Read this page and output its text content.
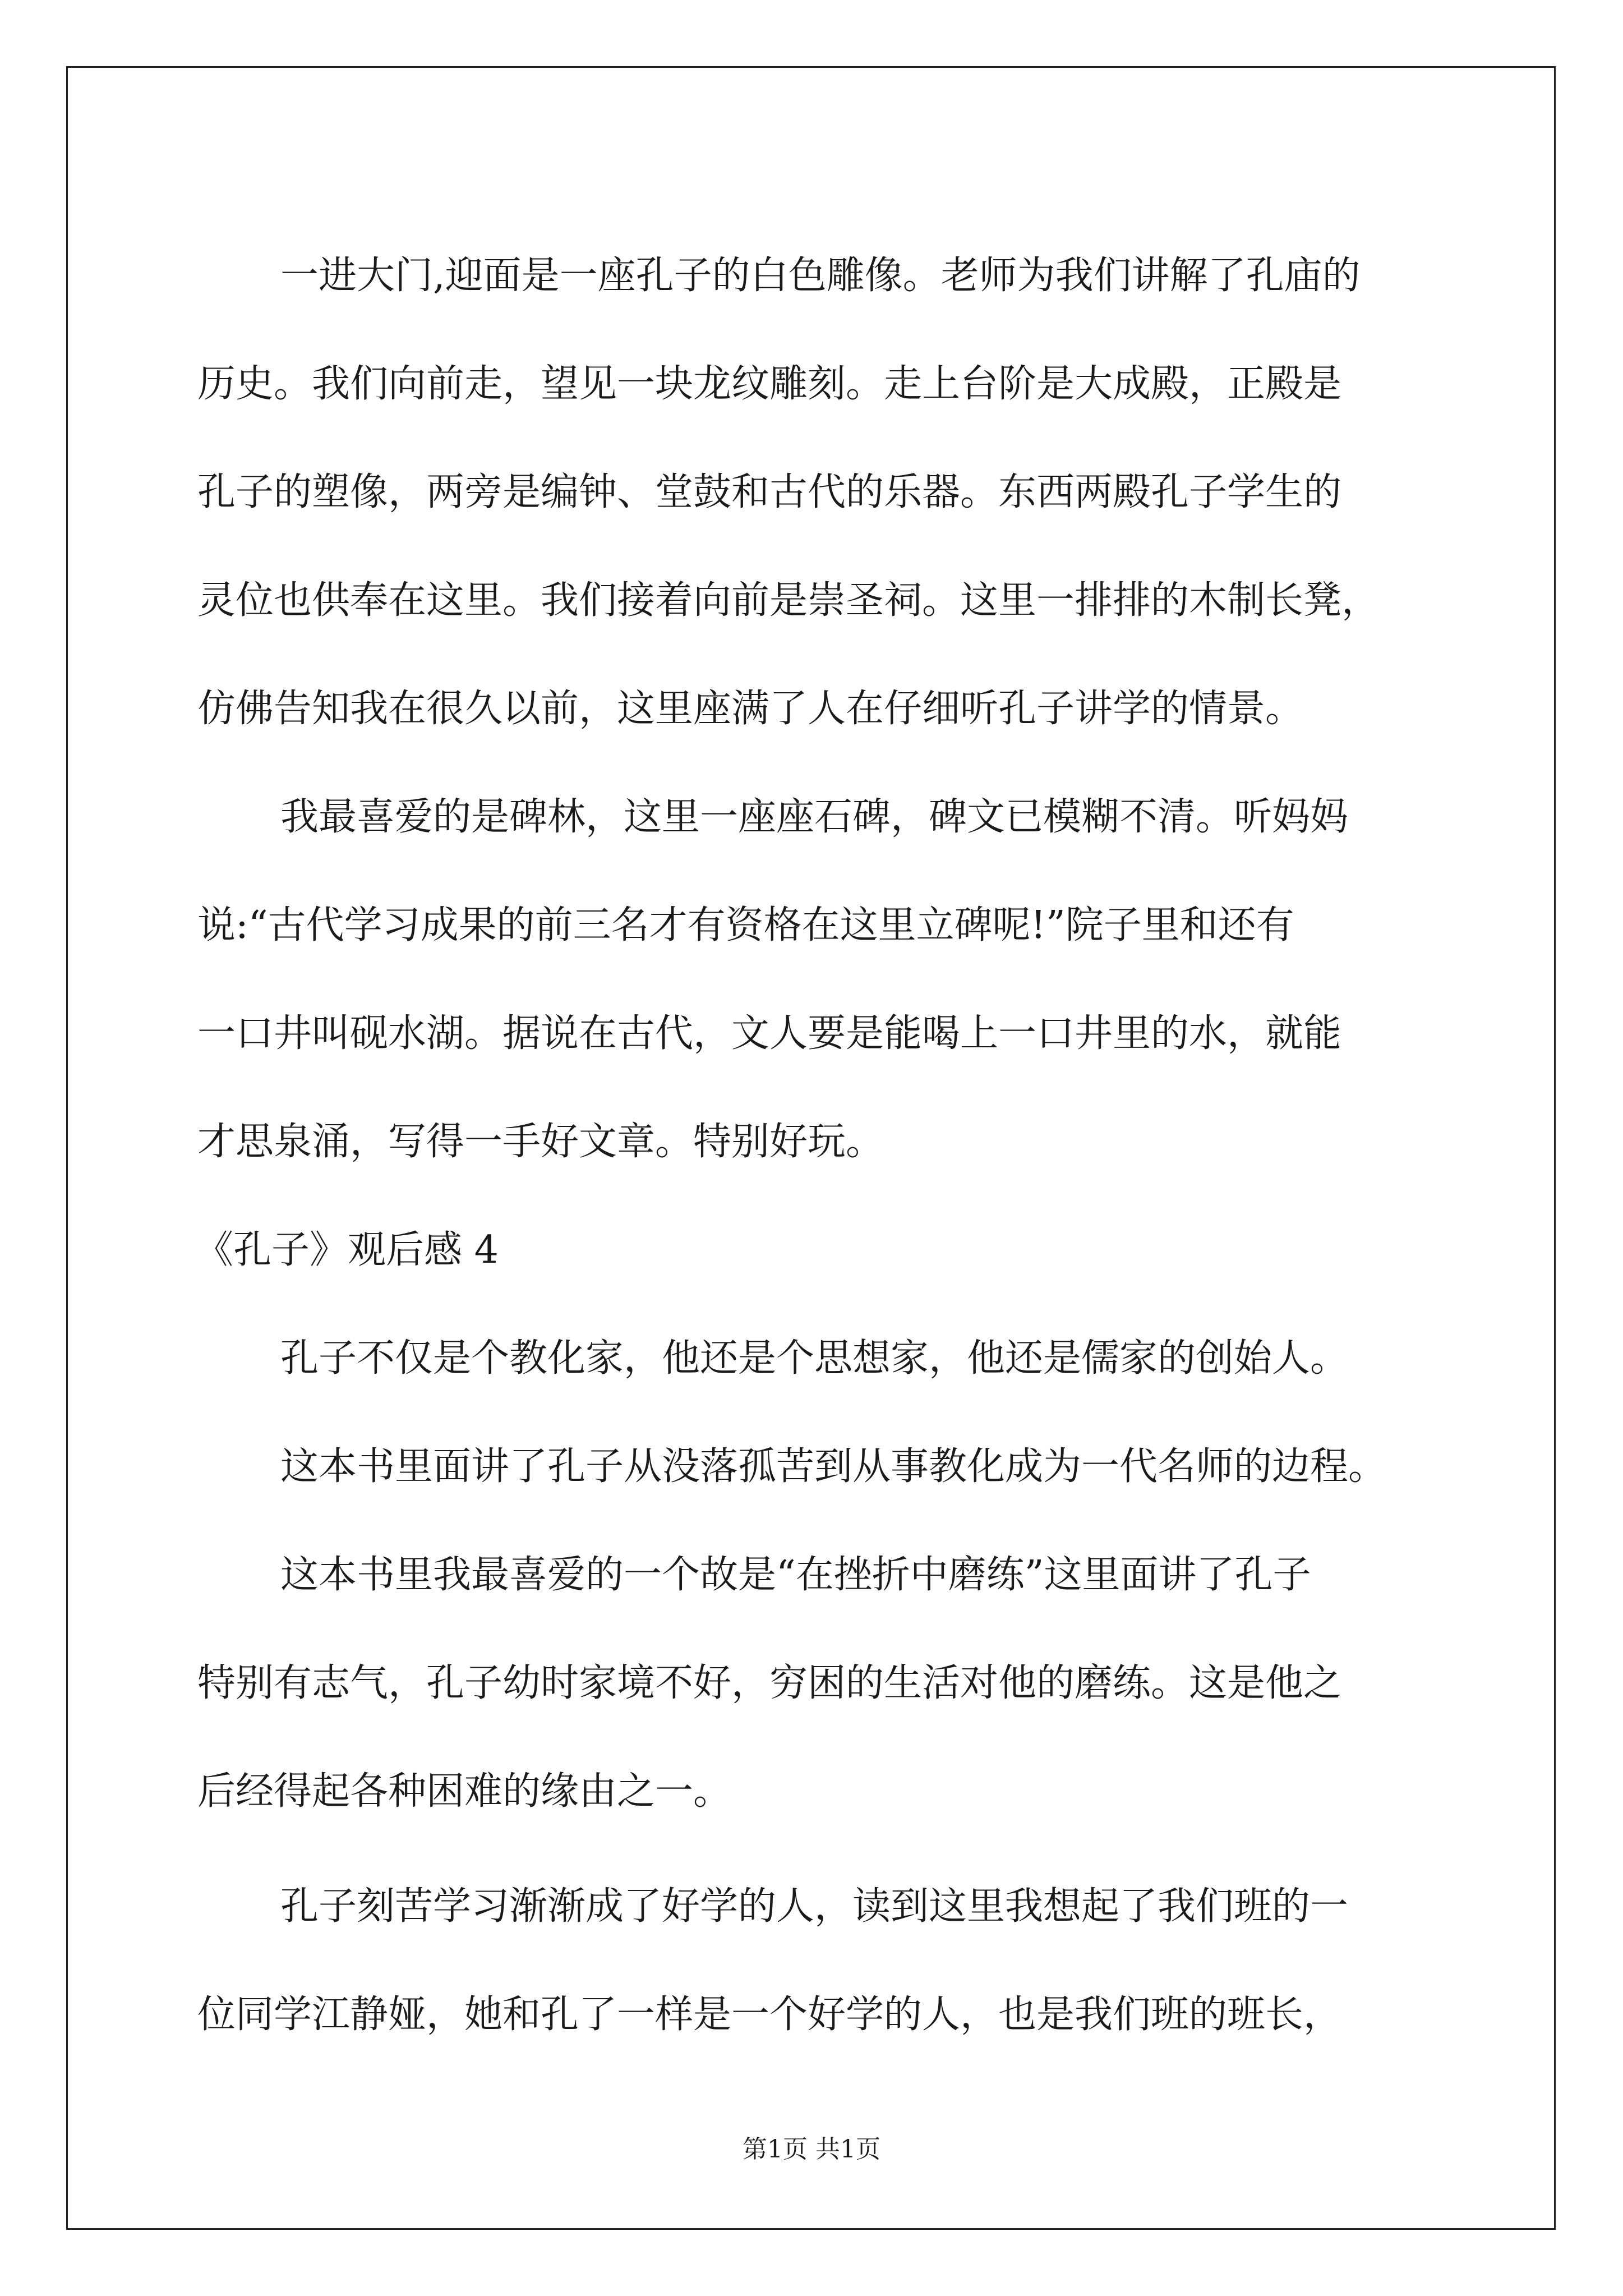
一进大门,迎面是一座孔子的白色雕像。老师为我们讲解了孔庙的
历史。我们向前走，望见一块龙纹雕刻。走上台阶是大成殿，正殿是
孔子的塑像，两旁是编钟、堂鼓和古代的乐器。东西两殿孔子学生的
灵位也供奉在这里。我们接着向前是崇圣祠。这里一排排的木制长凳，
仿佛告知我在很久以前，这里座满了人在仔细听孔子讲学的情景。
我最喜爱的是碑林，这里一座座石碑，碑文已模糊不清。听妈妈
说:“古代学习成果的前三名才有资格在这里立碑呢!”院子里和还有
一口井叫砚水湖。据说在古代，文人要是能喝上一口井里的水，就能
才思泉涌，写得一手好文章。特别好玩。
《孔子》观后感 4
孔子不仅是个教化家，他还是个思想家，他还是儒家的创始人。
这本书里面讲了孔子从没落孤苦到从事教化成为一代名师的边程。
这本书里我最喜爱的一个故是“在挫折中磨练”这里面讲了孔子
特别有志气，孔子幼时家境不好，穷困的生活对他的磨练。这是他之
后经得起各种困难的缘由之一。
孔子刻苦学习渐渐成了好学的人，读到这里我想起了我们班的一
位同学江静娅，她和孔了一样是一个好学的人，也是我们班的班长，
第1页 共1页
